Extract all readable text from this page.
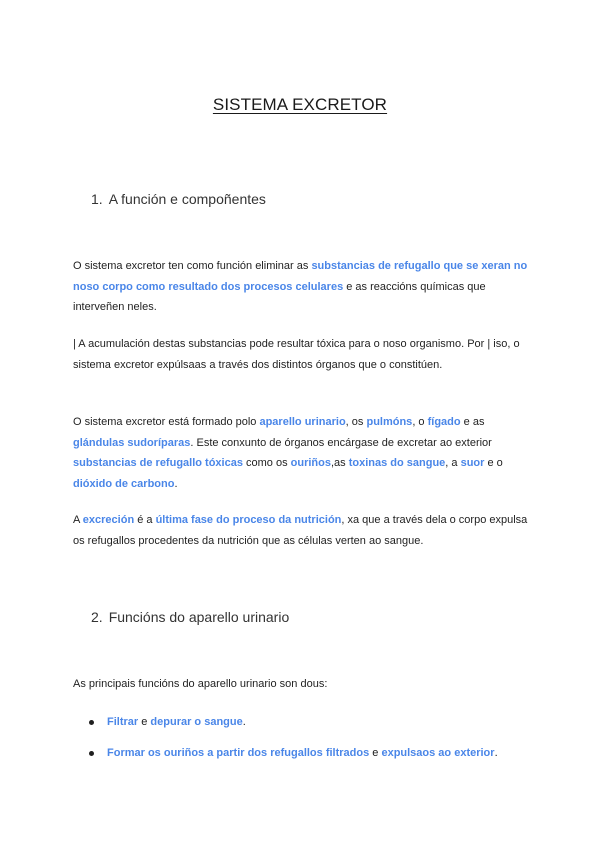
SISTEMA EXCRETOR
1. A función e compoñentes
O sistema excretor ten como función eliminar as substancias de refugallo que se xeran no noso corpo como resultado dos procesos celulares e as reaccións químicas que interveñen neles.
| A acumulación destas substancias pode resultar tóxica para o noso organismo. Por | iso, o sistema excretor expúlsaas a través dos distintos órganos que o constitúen.
O sistema excretor está formado polo aparello urinario, os pulmóns, o fígado e as glándulas sudoríparas. Este conxunto de órganos encárgase de excretar ao exterior substancias de refugallo tóxicas como os ouriños,as toxinas do sangue, a suor e o dióxido de carbono.
A excreción é a última fase do proceso da nutrición, xa que a través dela o corpo expulsa os refugallos procedentes da nutrición que as células verten ao sangue.
2. Funcións do aparello urinario
As principais funcións do aparello urinario son dous:
Filtrar e depurar o sangue.
Formar os ouriños a partir dos refugallos filtrados e expulsaos ao exterior.
